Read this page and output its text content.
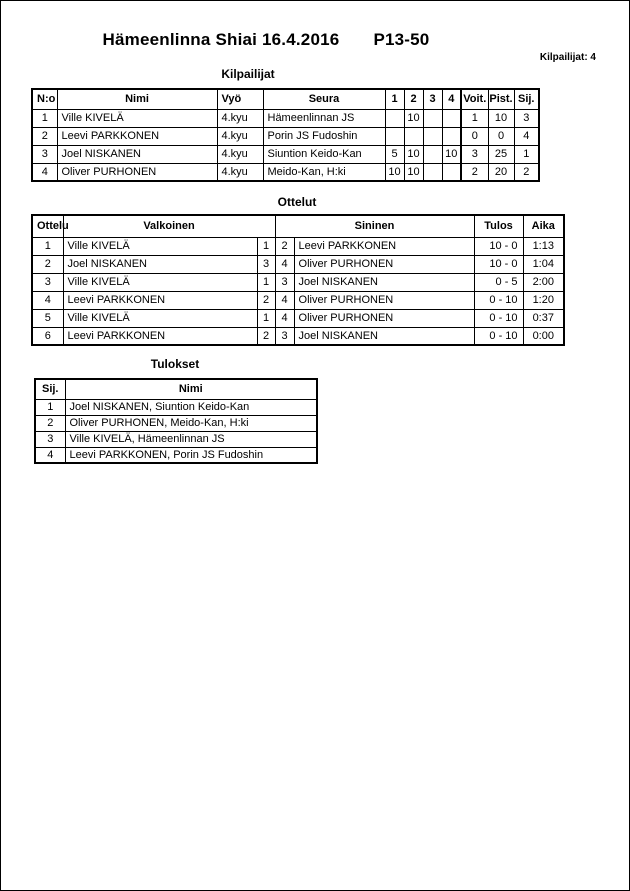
Hämeenlinna Shiai 16.4.2016 P13-50
Kilpailijat: 4
Kilpailijat
N:o	Nimi	Vyö	Seura	1	2	3	4	Voit.	Pist.	Sij.
1	Ville KIVELÄ	4.kyu	Hämeenlinnan JS		10			1	10	3
2	Leevi PARKKONEN	4.kyu	Porin JS Fudoshin					0	0	4
3	Joel NISKANEN	4.kyu	Siuntion Keido-Kan	5	10		10	3	25	1
4	Oliver PURHONEN	4.kyu	Meido-Kan, H:ki	10	10			2	20	2
Ottelut
Ottelu	Valkoinen		Sininen		Tulos	Aika
1	Ville KIVELÄ	1	2	Leevi PARKKONEN	10 - 0	1:13
2	Joel NISKANEN	3	4	Oliver PURHONEN	10 - 0	1:04
3	Ville KIVELÄ	1	3	Joel NISKANEN	0 - 5	2:00
4	Leevi PARKKONEN	2	4	Oliver PURHONEN	0 - 10	1:20
5	Ville KIVELÄ	1	4	Oliver PURHONEN	0 - 10	0:37
6	Leevi PARKKONEN	2	3	Joel NISKANEN	0 - 10	0:00
Tulokset
Sij.	Nimi
1	Joel NISKANEN, Siuntion Keido-Kan
2	Oliver PURHONEN, Meido-Kan, H:ki
3	Ville KIVELÄ, Hämeenlinnan JS
4	Leevi PARKKONEN, Porin JS Fudoshin
